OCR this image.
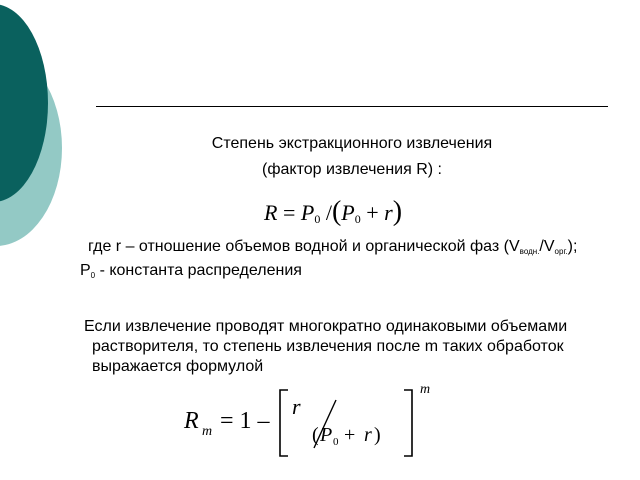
Степень экстракционного извлечения
(фактор извлечения R) :
$R = P_0$ $/(P_0 + r)$
где r – отношение объемов водной и органической фаз $(V_{водн.}/V_{орг.})$;
$P_0$ - константа распределения
Если извлечение проводят многократно одинаковыми объемами
растворителя, то степень извлечения после m таких обработок
выражается формулой
R m = 1 –
r
( P 0 + r )
m
